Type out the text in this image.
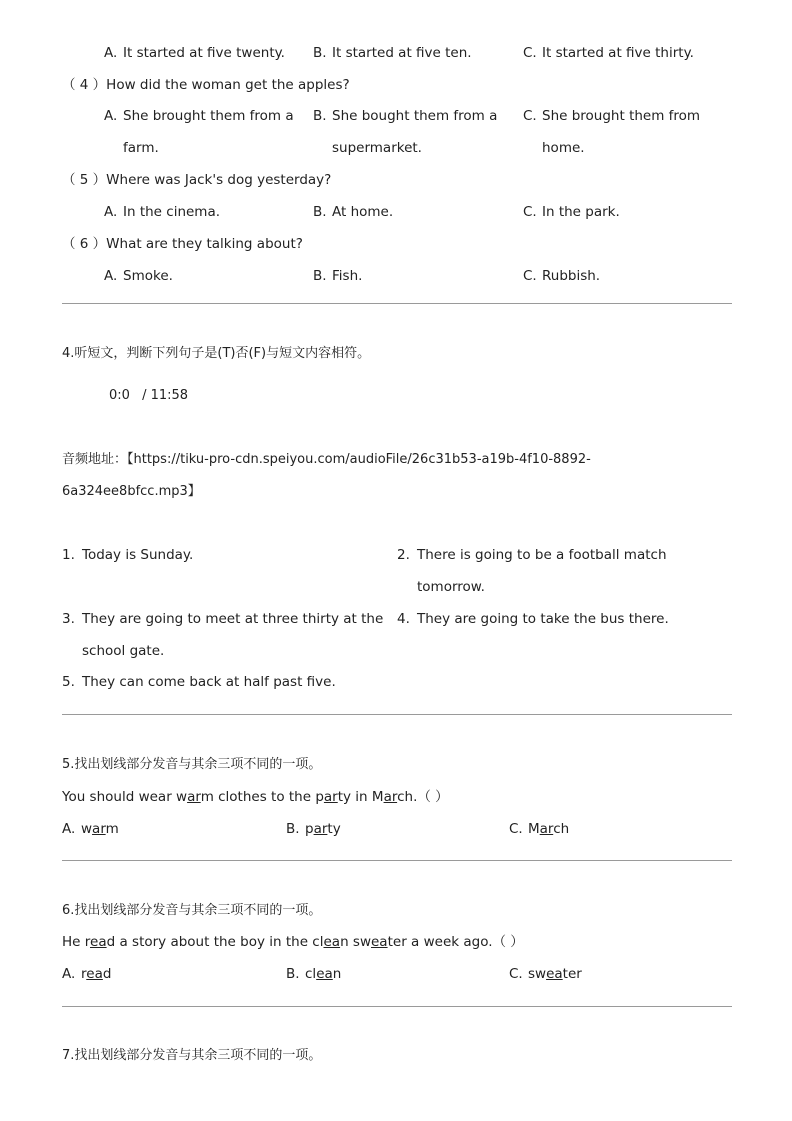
A. It started at five twenty. B. It started at five ten.	C. It started at five thirty.
（ 4 ）How did the woman get the apples?
A. She brought them from a
farm.
B. She bought them from a
supermarket.
C. She brought them from
home.
（ 5 ）Where was Jack's dog yesterday?
A. In the cinema.	B. At home.	C. In the park.
（ 6 ）What are they talking about?
A. Smoke.	B. Fish.	C. Rubbish.
4.听短文，判断下列句子是(T)否(F)与短文内容相符。
0:0 / 11:58
音频地址：【https://tiku-pro-cdn.speiyou.com/audioFile/26c31b53-a19b-4f10-8892-
6a324ee8bfcc.mp3】
1. Today is Sunday.	2. There is going to be a football match
tomorrow.
3. They are going to meet at three thirty at the
school gate.
4. They are going to take the bus there.
5. They can come back at half past five.
5.找出划线部分发音与其余三项不同的一项。
You should wear warm clothes to the party in March.（ ）
A. warm	B. party	C. March
6.找出划线部分发音与其余三项不同的一项。
He read a story about the boy in the clean sweater a week ago.（ ）
A. read	B. clean	C. sweater
7.找出划线部分发音与其余三项不同的一项。
